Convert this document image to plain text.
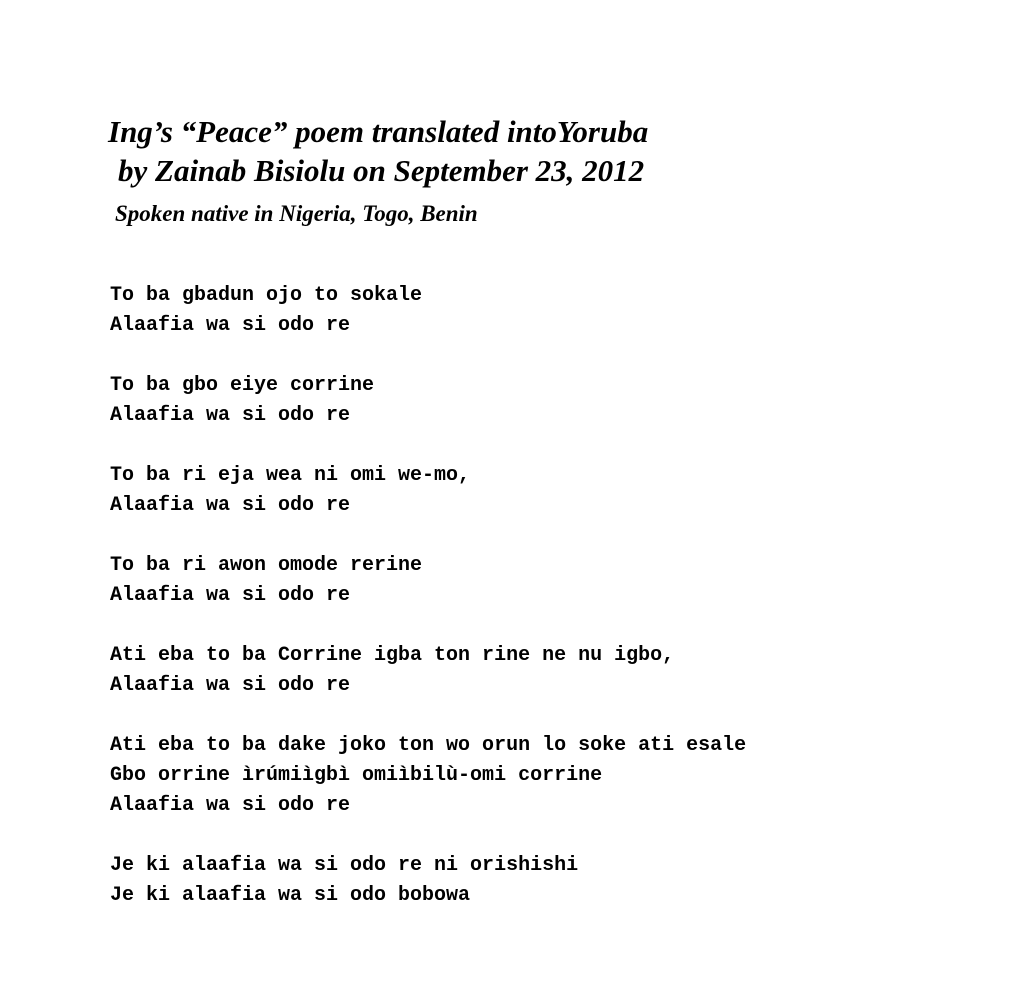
Ing’s “Peace” poem translated intoYoruba
by Zainab Bisiolu on September 23, 2012
Spoken native in Nigeria, Togo, Benin
To ba gbadun ojo to sokale
Alaafia wa si odo re
To ba gbo eiye corrine
Alaafia wa si odo re
To ba ri eja wea ni omi we-mo,
Alaafia wa si odo re
To ba ri awon omode rerine
Alaafia wa si odo re
Ati eba to ba Corrine igba ton rine ne nu igbo,
Alaafia wa si odo re
Ati eba to ba dake joko ton wo orun lo soke ati esale
Gbo orrine ìrúmiìgbì omiìbilù-omi corrine
Alaafia wa si odo re
Je ki alaafia wa si odo re ni orishishi
Je ki alaafia wa si odo bobowa
